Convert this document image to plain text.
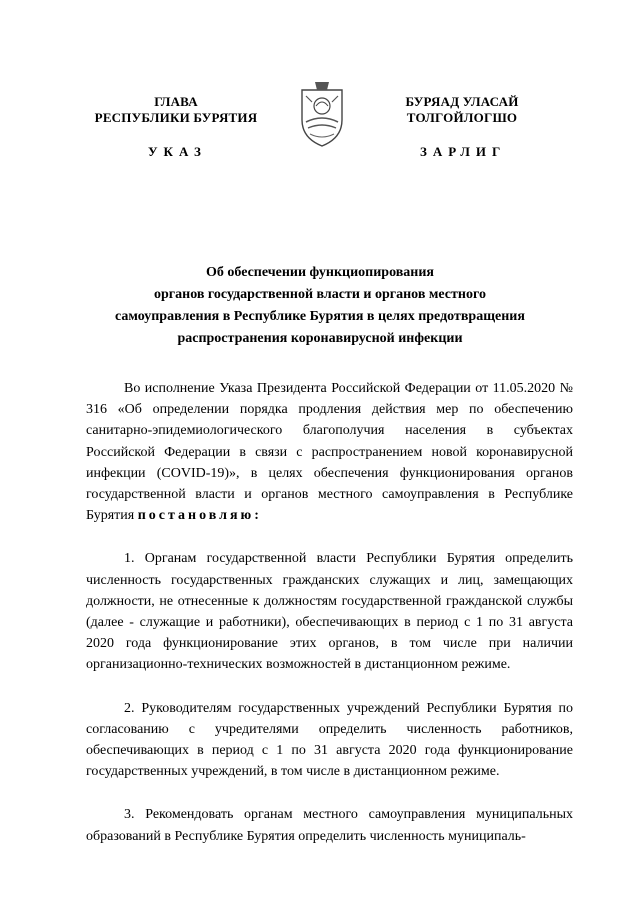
ГЛАВА
РЕСПУБЛИКИ БУРЯТИЯ
БУРЯАД УЛАСАЙ
ТОЛГОЙЛОГШО
УКАЗ	ЗАРЛИГ
Об обеспечении функциопирования
органов государственной власти и органов местного
самоуправления в Республике Бурятия в целях предотвращения
распространения коронавирусной инфекции

Во исполнение Указа Президента Российской Федерации от 11.05.2020 № 316 «Об определении порядка продления действия мер по обеспечению санитарно-эпидемиологического благополучия населения в субъектах Российской Федерации в связи с распространением новой коронавирусной инфекции (COVID-19)», в целях обеспечения функционирования органов государственной власти и органов местного самоуправления в Республике Бурятия постановляю:

1. Органам государственной власти Республики Бурятия определить численность государственных гражданских служащих и лиц, замещающих должности, не отнесенные к должностям государственной гражданской службы (далее - служащие и работники), обеспечивающих в период с 1 по 31 августа 2020 года функционирование этих органов, в том числе при наличии организационно-технических возможностей в дистанционном режиме.

2. Руководителям государственных учреждений Республики Бурятия по согласованию с учредителями определить численность работников, обеспечивающих в период с 1 по 31 августа 2020 года функционирование государственных учреждений, в том числе в дистанционном режиме.

3. Рекомендовать органам местного самоуправления муниципальных образований в Республике Бурятия определить численность муниципаль-
